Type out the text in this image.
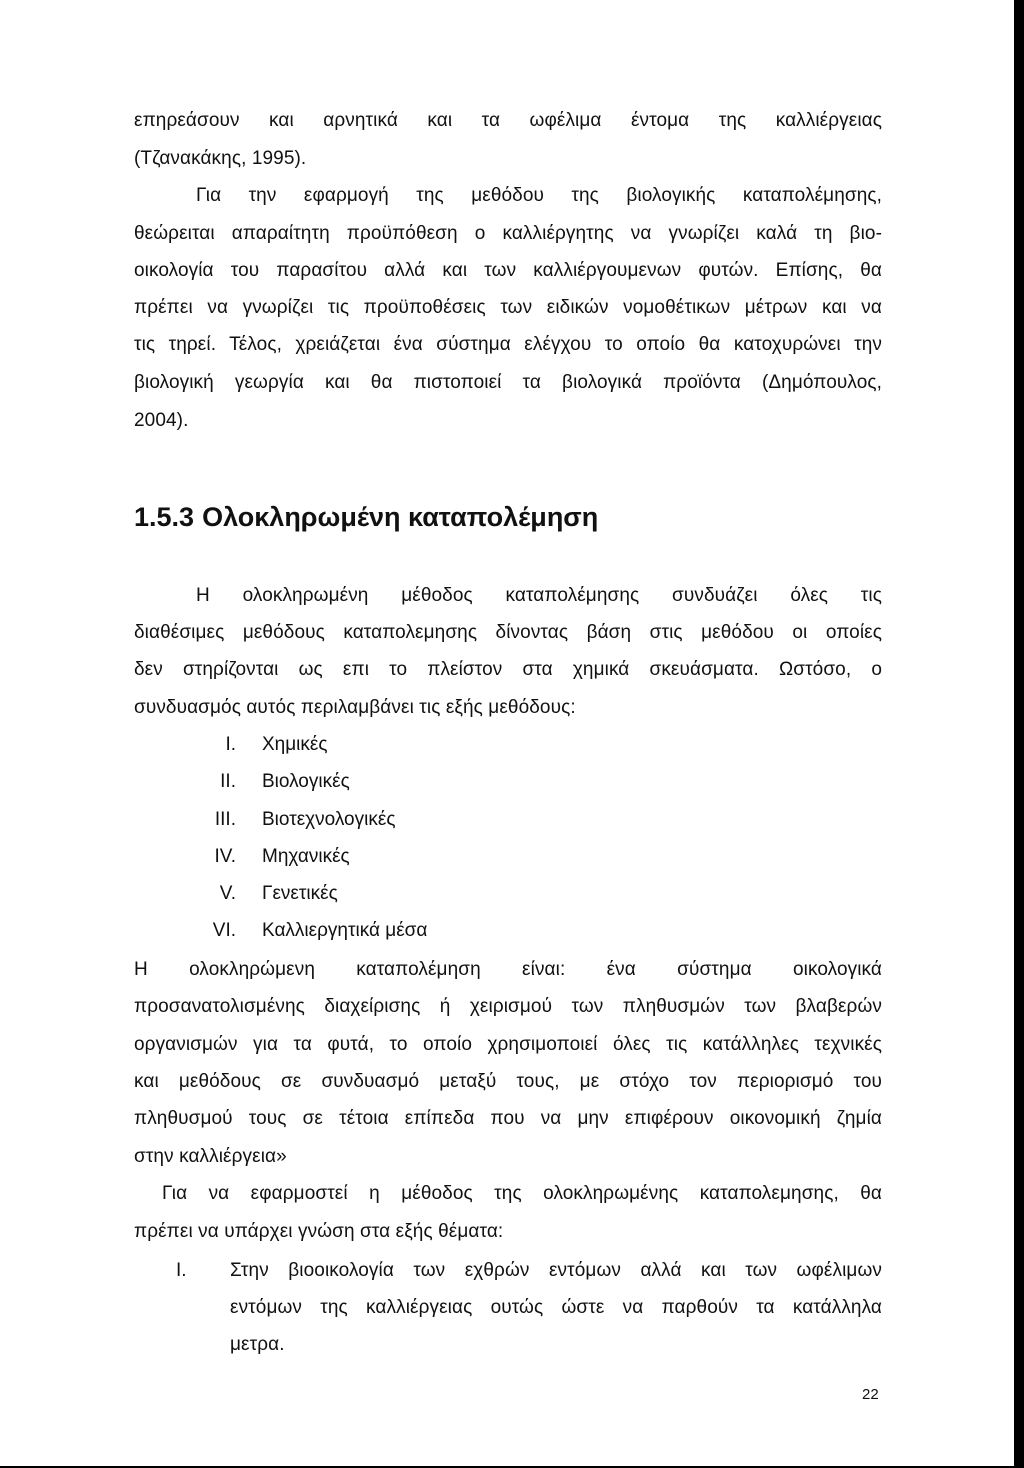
επηρεάσουν και αρνητικά και τα ωφέλιμα έντομα της καλλιέργειας
(Τζανακάκης, 1995).
Για την εφαρμογή της μεθόδου της βιολογικής καταπολέμησης,
θεώρειται απαραίτητη προϋπόθεση ο καλλιέργητης να γνωρίζει καλά τη βιο-
οικολογία του παρασίτου αλλά και των καλλιέργουμενων φυτών. Επίσης, θα
πρέπει να γνωρίζει τις προϋποθέσεις των ειδικών νομοθέτικων μέτρων και να
τις τηρεί. Τέλος, χρειάζεται ένα σύστημα ελέγχου το οποίο θα κατοχυρώνει την
βιολογική γεωργία και θα πιστοποιεί τα βιολογικά προϊόντα (Δημόπουλος,
2004).
1.5.3 Ολοκληρωμένη καταπολέμηση
Η ολοκληρωμένη μέθοδος καταπολέμησης συνδυάζει όλες τις
διαθέσιμες μεθόδους καταπολεμησης δίνοντας βάση στις μεθόδου οι οποίες
δεν στηρίζονται ως επι το πλείστον στα χημικά σκευάσματα. Ωστόσο, ο
συνδυασμός αυτός περιλαμβάνει τις εξής μεθόδους:
I. Χημικές
II. Βιολογικές
III. Βιοτεχνολογικές
IV. Μηχανικές
V. Γενετικές
VI. Καλλιεργητικά μέσα
Η ολοκληρώμενη καταπολέμηση είναι: ένα σύστημα οικολογικά
προσανατολισμένης διαχείρισης ή χειρισμού των πληθυσμών των βλαβερών
οργανισμών για τα φυτά, το οποίο χρησιμοποιεί όλες τις κατάλληλες τεχνικές
και μεθόδους σε συνδυασμό μεταξύ τους, με στόχο τον περιορισμό του
πληθυσμού τους σε τέτοια επίπεδα που να μην επιφέρουν οικονομική ζημία
στην καλλιέργεια»
Για να εφαρμοστεί η μέθοδος της ολοκληρωμένης καταπολεμησης, θα
πρέπει να υπάρχει γνώση στα εξής θέματα:
I. Στην βιοοικολογία των εχθρών εντόμων αλλά και των ωφέλιμων
εντόμων της καλλιέργειας ουτώς ώστε να παρθούν τα κατάλληλα
μετρα.
22
